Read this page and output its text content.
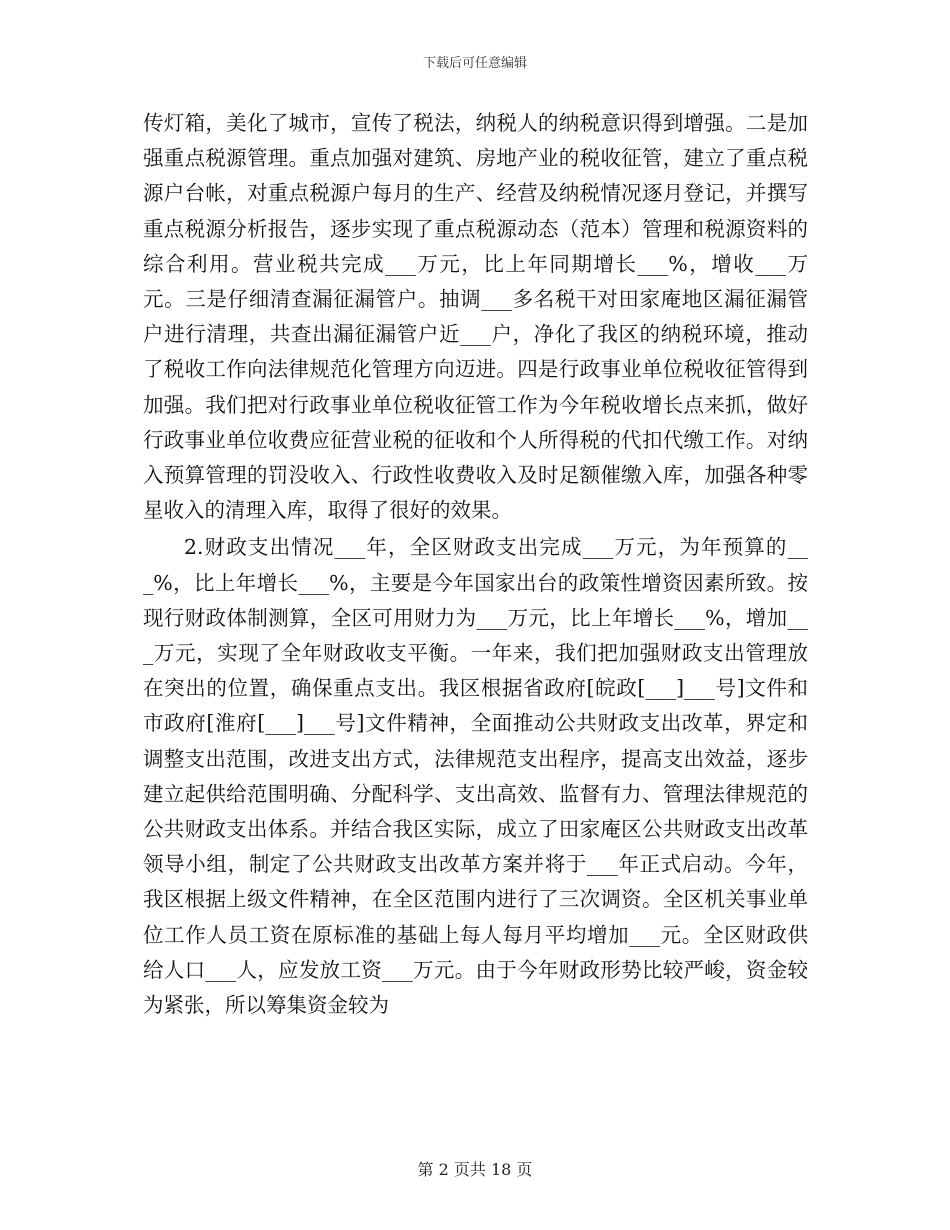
下载后可任意编辑

传灯箱，美化了城市，宣传了税法，纳税人的纳税意识得到增强。二是加强重点税源管理。重点加强对建筑、房地产业的税收征管，建立了重点税源户台帐，对重点税源户每月的生产、经营及纳税情况逐月登记，并撰写重点税源分析报告，逐步实现了重点税源动态（范本）管理和税源资料的综合利用。营业税共完成___万元，比上年同期增长___%，增收___万元。三是仔细清查漏征漏管户。抽调___多名税干对田家庵地区漏征漏管户进行清理，共查出漏征漏管户近___户，净化了我区的纳税环境，推动了税收工作向法律规范化管理方向迈进。四是行政事业单位税收征管得到加强。我们把对行政事业单位税收征管工作为今年税收增长点来抓，做好行政事业单位收费应征营业税的征收和个人所得税的代扣代缴工作。对纳入预算管理的罚没收入、行政性收费收入及时足额催缴入库，加强各种零星收入的清理入库，取得了很好的效果。

2.财政支出情况___年，全区财政支出完成___万元，为年预算的___%，比上年增长___%，主要是今年国家出台的政策性增资因素所致。按现行财政体制测算，全区可用财力为___万元，比上年增长___%，增加___万元，实现了全年财政收支平衡。一年来，我们把加强财政支出管理放在突出的位置，确保重点支出。我区根据省政府[皖政[___]___号]文件和市政府[淮府[___]___号]文件精神，全面推动公共财政支出改革，界定和调整支出范围，改进支出方式，法律规范支出程序，提高支出效益，逐步建立起供给范围明确、分配科学、支出高效、监督有力、管理法律规范的公共财政支出体系。并结合我区实际，成立了田家庵区公共财政支出改革领导小组，制定了公共财政支出改革方案并将于___年正式启动。今年，我区根据上级文件精神，在全区范围内进行了三次调资。全区机关事业单位工作人员工资在原标准的基础上每人每月平均增加___元。全区财政供给人口___人，应发放工资___万元。由于今年财政形势比较严峻，资金较为紧张，所以筹集资金较为

第 2 页共 18 页
